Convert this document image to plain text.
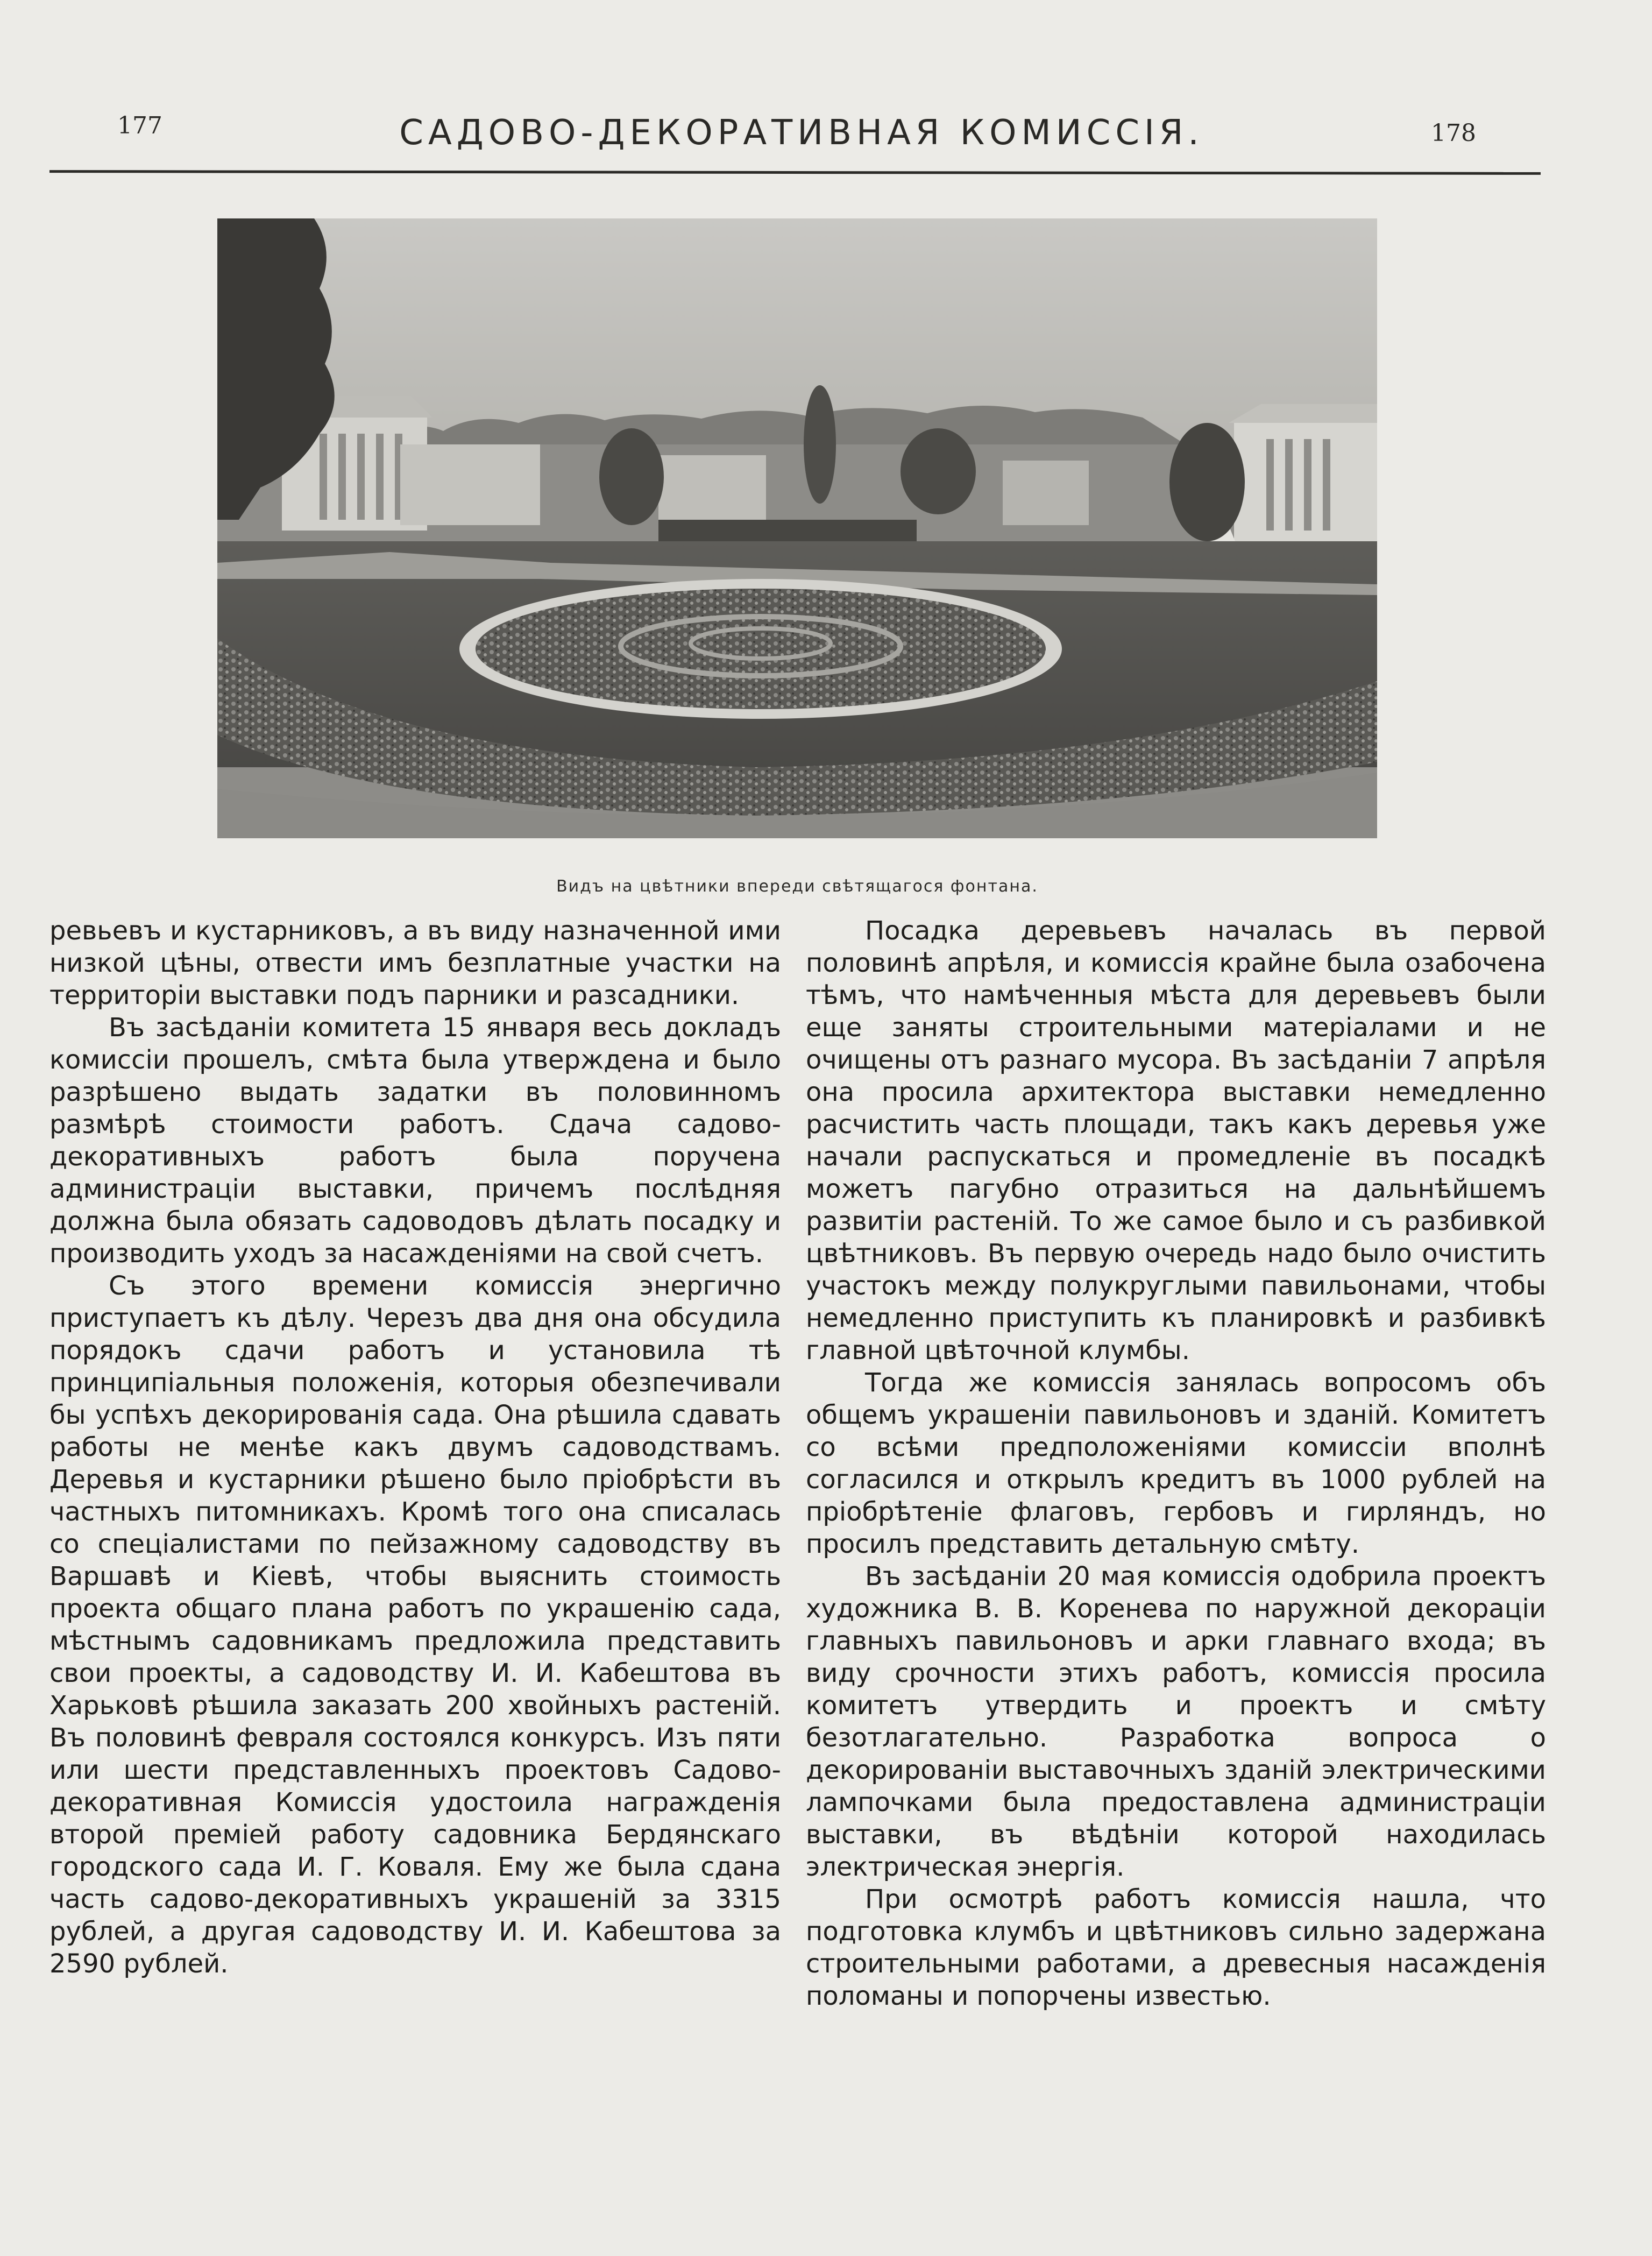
177	САДОВО-ДЕКОРАТИВНАЯ КОМИССІЯ.	178
Видъ на цвѣтники впереди свѣтящагося фонтана.

ревьевъ и кустарниковъ, а въ виду назначенной ими низкой цѣны, отвести имъ безплатные участки на территоріи выставки подъ парники и разсадники.

Въ засѣданіи комитета 15 января весь докладъ комиссіи прошелъ, смѣта была утверждена и было разрѣшено выдать задатки въ половинномъ размѣрѣ стоимости работъ. Сдача садово-декоративныхъ работъ была поручена администраціи выставки, причемъ послѣдняя должна была обязать садоводовъ дѣлать посадку и производить уходъ за насажденіями на свой счетъ.

Съ этого времени комиссія энергично приступаетъ къ дѣлу. Черезъ два дня она обсудила порядокъ сдачи работъ и установила тѣ принципіальныя положенія, которыя обезпечивали бы успѣхъ декорированія сада. Она рѣшила сдавать работы не менѣе какъ двумъ садоводствамъ. Деревья и кустарники рѣшено было пріобрѣсти въ частныхъ питомникахъ. Кромѣ того она списалась со спеціалистами по пейзажному садоводству въ Варшавѣ и Кіевѣ, чтобы выяснить стоимость проекта общаго плана работъ по украшенію сада, мѣстнымъ садовникамъ предложила представить свои проекты, а садоводству И. И. Кабештова въ Харьковѣ рѣшила заказать 200 хвойныхъ растеній. Въ половинѣ февраля состоялся конкурсъ. Изъ пяти или шести представленныхъ проектовъ Садово-декоративная Комиссія удостоила награжденія второй преміей работу садовника Бердянскаго городского сада И. Г. Коваля. Ему же была сдана часть садово-декоративныхъ украшеній за 3315 рублей, а другая садоводству И. И. Кабештова за 2590 рублей.

Посадка деревьевъ началась въ первой половинѣ апрѣля, и комиссія крайне была озабочена тѣмъ, что намѣченныя мѣста для деревьевъ были еще заняты строительными матеріалами и не очищены отъ разнаго мусора. Въ засѣданіи 7 апрѣля она просила архитектора выставки немедленно расчистить часть площади, такъ какъ деревья уже начали распускаться и промедленіе въ посадкѣ можетъ пагубно отразиться на дальнѣйшемъ развитіи растеній. То же самое было и съ разбивкой цвѣтниковъ. Въ первую очередь надо было очистить участокъ между полукруглыми павильонами, чтобы немедленно приступить къ планировкѣ и разбивкѣ главной цвѣточной клумбы.

Тогда же комиссія занялась вопросомъ объ общемъ украшеніи павильоновъ и зданій. Комитетъ со всѣми предположеніями комиссіи вполнѣ согласился и открылъ кредитъ въ 1000 рублей на пріобрѣтеніе флаговъ, гербовъ и гирляндъ, но просилъ представить детальную смѣту.

Въ засѣданіи 20 мая комиссія одобрила проектъ художника В. В. Коренева по наружной декораціи главныхъ павильоновъ и арки главнаго входа; въ виду срочности этихъ работъ, комиссія просила комитетъ утвердить и проектъ и смѣту безотлагательно. Разработка вопроса о декорированіи выставочныхъ зданій электрическими лампочками была предоставлена администраціи выставки, въ вѣдѣніи которой находилась электрическая энергія.

При осмотрѣ работъ комиссія нашла, что подготовка клумбъ и цвѣтниковъ сильно задержана строительными работами, а древесныя насажденія поломаны и попорчены известью.
